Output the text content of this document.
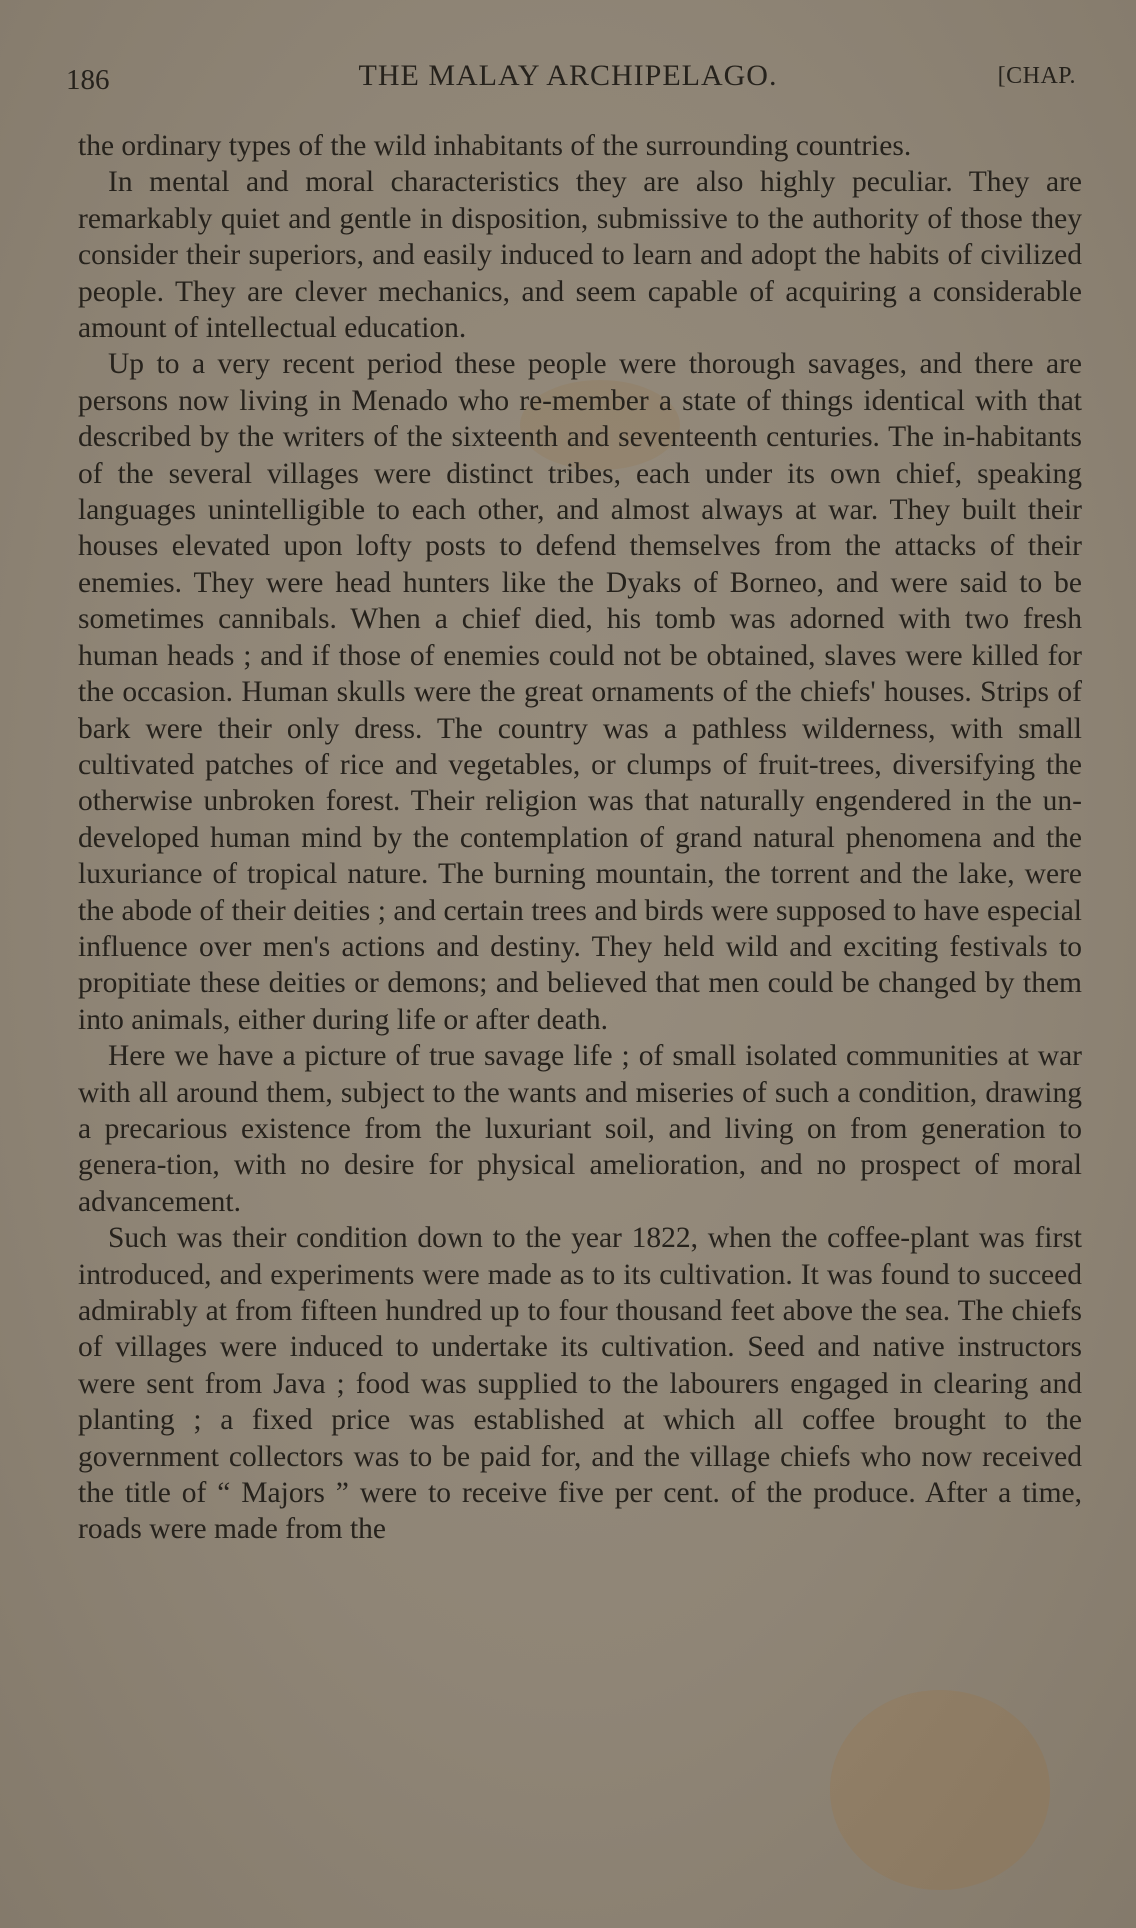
186	THE MALAY ARCHIPELAGO.	[CHAP.

the ordinary types of the wild inhabitants of the surrounding countries.

In mental and moral characteristics they are also highly peculiar. They are remarkably quiet and gentle in disposition, submissive to the authority of those they consider their superiors, and easily induced to learn and adopt the habits of civilized people. They are clever mechanics, and seem capable of acquiring a considerable amount of intellectual education.

Up to a very recent period these people were thorough savages, and there are persons now living in Menado who re-member a state of things identical with that described by the writers of the sixteenth and seventeenth centuries. The in-habitants of the several villages were distinct tribes, each under its own chief, speaking languages unintelligible to each other, and almost always at war. They built their houses elevated upon lofty posts to defend themselves from the attacks of their enemies. They were head hunters like the Dyaks of Borneo, and were said to be sometimes cannibals. When a chief died, his tomb was adorned with two fresh human heads ; and if those of enemies could not be obtained, slaves were killed for the occasion. Human skulls were the great ornaments of the chiefs' houses. Strips of bark were their only dress. The country was a pathless wilderness, with small cultivated patches of rice and vegetables, or clumps of fruit-trees, diversifying the otherwise unbroken forest. Their religion was that naturally engendered in the un-developed human mind by the contemplation of grand natural phenomena and the luxuriance of tropical nature. The burning mountain, the torrent and the lake, were the abode of their deities ; and certain trees and birds were supposed to have especial influence over men's actions and destiny. They held wild and exciting festivals to propitiate these deities or demons; and believed that men could be changed by them into animals, either during life or after death.

Here we have a picture of true savage life ; of small isolated communities at war with all around them, subject to the wants and miseries of such a condition, drawing a precarious existence from the luxuriant soil, and living on from generation to genera-tion, with no desire for physical amelioration, and no prospect of moral advancement.

Such was their condition down to the year 1822, when the coffee-plant was first introduced, and experiments were made as to its cultivation. It was found to succeed admirably at from fifteen hundred up to four thousand feet above the sea. The chiefs of villages were induced to undertake its cultivation. Seed and native instructors were sent from Java ; food was supplied to the labourers engaged in clearing and planting ; a fixed price was established at which all coffee brought to the government collectors was to be paid for, and the village chiefs who now received the title of “ Majors ” were to receive five per cent. of the produce. After a time, roads were made from the
